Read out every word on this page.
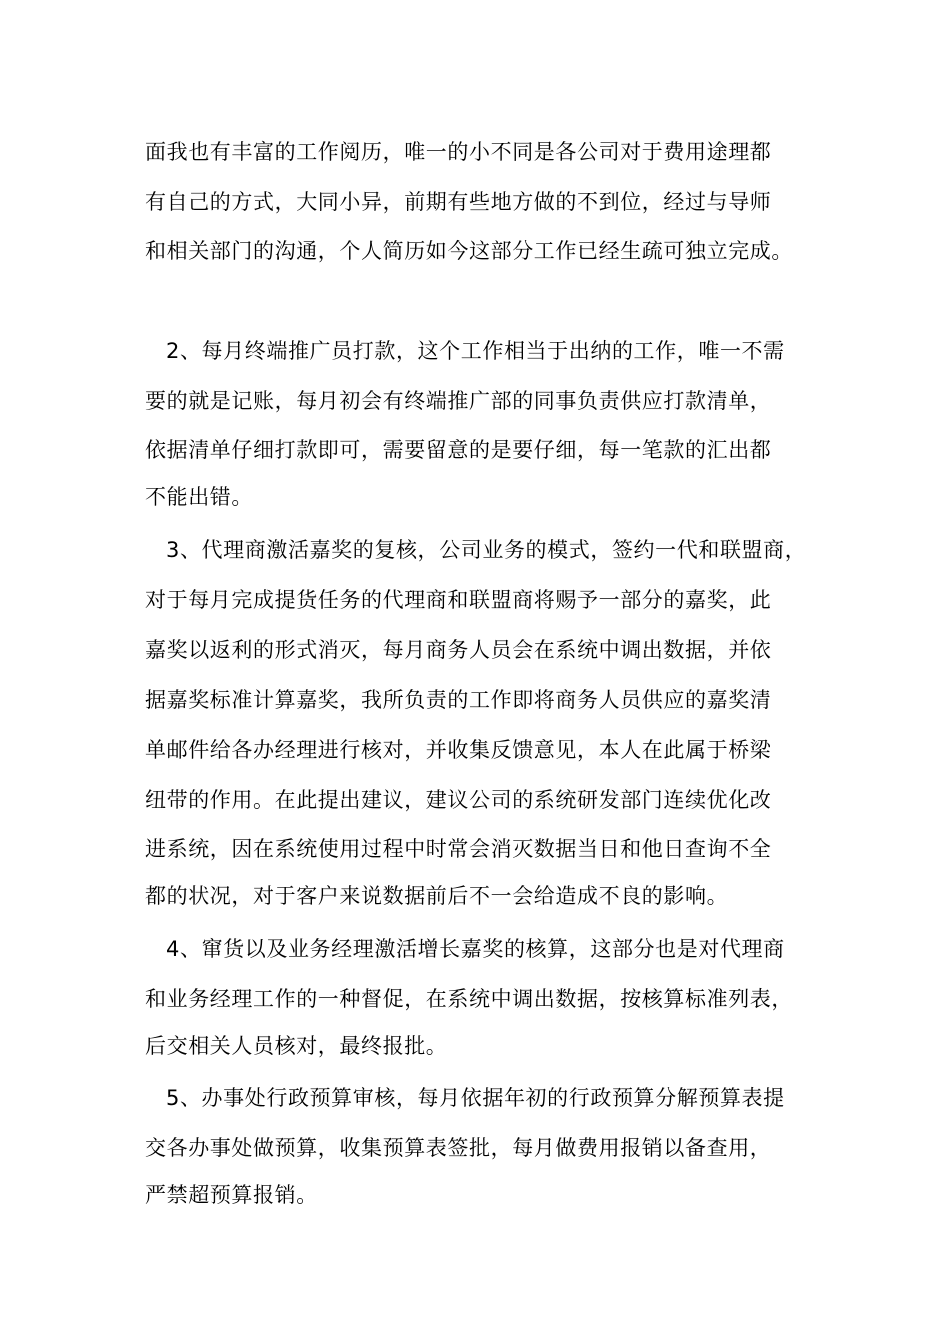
面我也有丰富的工作阅历，唯一的小不同是各公司对于费用途理都
有自己的方式，大同小异，前期有些地方做的不到位，经过与导师
和相关部门的沟通，个人简历如今这部分工作已经生疏可独立完成。
2、每月终端推广员打款，这个工作相当于出纳的工作，唯一不需
要的就是记账，每月初会有终端推广部的同事负责供应打款清单，
依据清单仔细打款即可，需要留意的是要仔细，每一笔款的汇出都
不能出错。
3、代理商激活嘉奖的复核，公司业务的模式，签约一代和联盟商，
对于每月完成提货任务的代理商和联盟商将赐予一部分的嘉奖，此
嘉奖以返利的形式消灭，每月商务人员会在系统中调出数据，并依
据嘉奖标准计算嘉奖，我所负责的工作即将商务人员供应的嘉奖清
单邮件给各办经理进行核对，并收集反馈意见，本人在此属于桥梁
纽带的作用。在此提出建议，建议公司的系统研发部门连续优化改
进系统，因在系统使用过程中时常会消灭数据当日和他日查询不全
都的状况，对于客户来说数据前后不一会给造成不良的影响。
4、窜货以及业务经理激活增长嘉奖的核算，这部分也是对代理商
和业务经理工作的一种督促，在系统中调出数据，按核算标准列表，
后交相关人员核对，最终报批。
5、办事处行政预算审核，每月依据年初的行政预算分解预算表提
交各办事处做预算，收集预算表签批，每月做费用报销以备查用，
严禁超预算报销。
